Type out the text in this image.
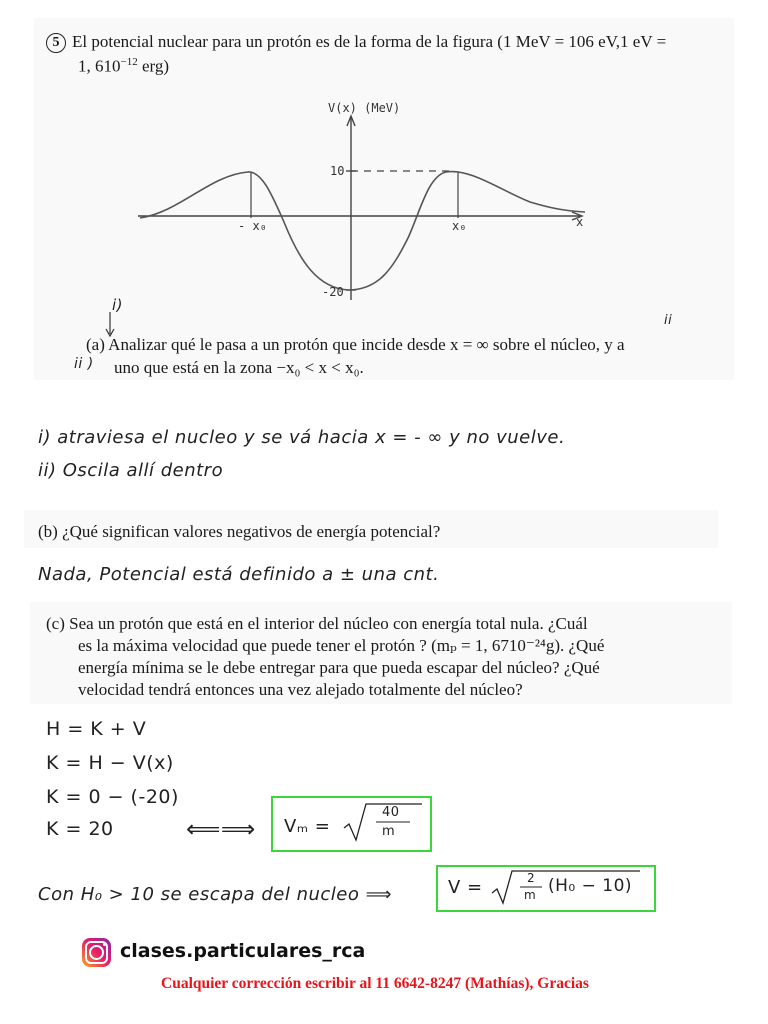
5 El potencial nuclear para un protón es de la forma de la figura (1 MeV = 106 eV,1 eV =
1, $610^{-12}$ erg)
V(x) (MeV)
x
10
-20
- x₀	x₀
i)
ii
(a) Analizar qué le pasa a un protón que incide desde x = ∞ sobre el núcleo, y a
ii ) uno que está en la zona −x₀ < x < x₀.
i) atraviesa el nucleo y se vá hacia x = - ∞ y no vuelve.
ii) Oscila allí dentro
(b) ¿Qué significan valores negativos de energía potencial?
Nada, Potencial está definido a ± una cnt.
(c) Sea un protón que está en el interior del núcleo con energía total nula. ¿Cuál
es la máxima velocidad que puede tener el protón ? (mₚ = 1, 6710⁻²⁴g). ¿Qué
energía mínima se le debe entregar para que pueda escapar del núcleo? ¿Qué
velocidad tendrá entonces una vez alejado totalmente del núcleo?
H = K + V
K = H − V(x)
K = 0 − (-20)
K = 20	⟸⟹ Vₘ =
40
m
Con H₀ > 10 se escapa del nucleo ⟹	V =	2
m (H₀ − 10)
clases.particulares_rca
Cualquier corrección escribir al 11 6642-8247 (Mathías), Gracias
